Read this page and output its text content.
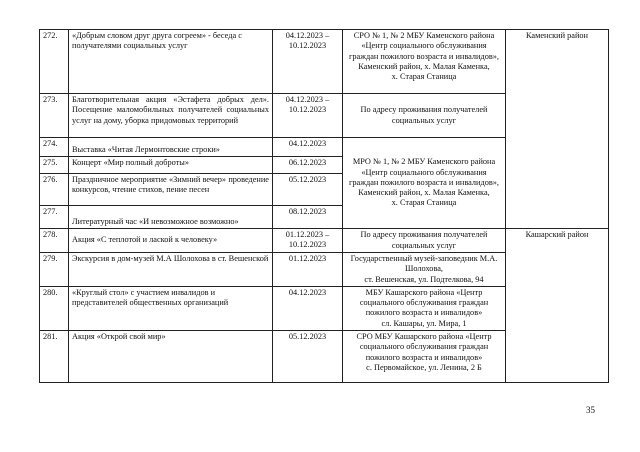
272.	«Добрым словом друг друга согреем» - беседа с получателями социальных услуг	04.12.2023 – 10.12.2023	СРО № 1, № 2 МБУ Каменского района
«Центр социального обслуживания граждан пожилого возраста и инвалидов»,
Каменский район, х. Малая Каменка,
х. Старая Станица	Каменский район
273.	Благотворительная акция «Эстафета добрых дел». Посещение маломобильных получателей социальных услуг на дому, уборка придомовых территорий	04.12.2023 – 10.12.2023	По адресу проживания получателей социальных услуг	

274.	Выставка «Читая Лермонтовские строки»	04.12.2023	МРО № 1, № 2 МБУ Каменского района
«Центр социального обслуживания граждан пожилого возраста и инвалидов»,
Каменский район, х. Малая Каменка,
х. Старая Станица	

275.	Концерт «Мир полный доброты»	06.12.2023		
276.	Праздничное мероприятие «Зимний вечер» проведение конкурсов, чтение стихов, пение песен	05.12.2023		
277.	Литературный час «И невозможное возможно»	08.12.2023		
278.	Акция «С теплотой и лаской к человеку»	01.12.2023 – 10.12.2023	По адресу проживания получателей социальных услуг	Кашарский район
279.	Экскурсия в дом-музей М.А Шолохова в ст. Вешенской	01.12.2023	Государственный музей-заповедник М.А. Шолохова,
ст. Вешенская, ул. Подтелкова, 94	

280.	«Круглый стол» с участием инвалидов и представителей общественных организаций	04.12.2023	МБУ Кашарского района «Центр социального обслуживания граждан пожилого возраста и инвалидов»
сл. Кашары, ул. Мира, 1	

281.	Акция «Открой свой мир»	05.12.2023	СРО МБУ Кашарского района «Центр социального обслуживания граждан пожилого возраста и инвалидов»
с. Первомайское, ул. Ленина, 2 Б	
35
